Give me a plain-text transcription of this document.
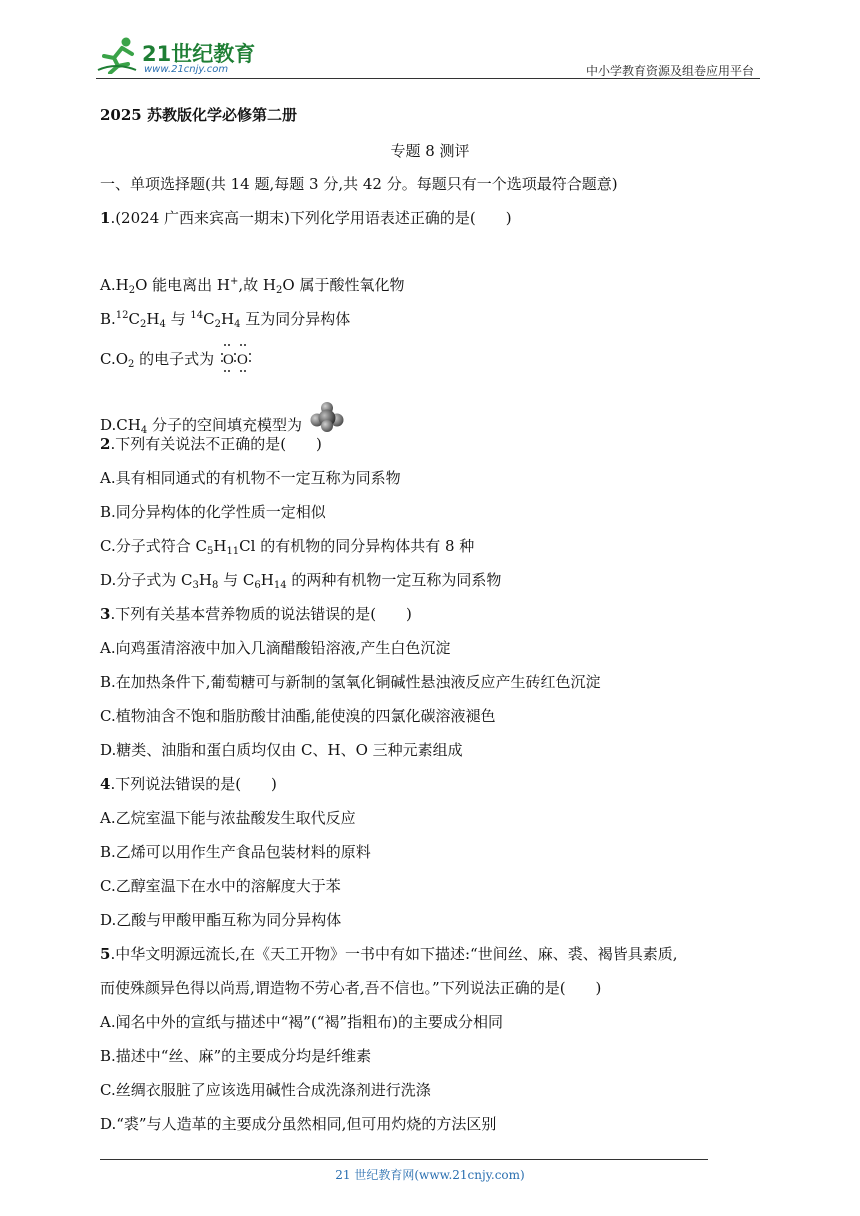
21世纪教育
www.21cnjy.com	中小学教育资源及组卷应用平台
2025 苏教版化学必修第二册
专题 8 测评
一、单项选择题(共 14 题,每题 3 分,共 42 分。每题只有一个选项最符合题意)
1.(2024 广西来宾高一期末)下列化学用语表述正确的是(　　)
$A.H_2O$ 能电离出 H+,故 $H_2O$ 属于酸性氧化物
$B.^{12}C_2H_4$ 与 $^{14}C_2H_4$ 互为同分异构体
$C.O_2$ 的电子式为 O O
$D.CH_4$ 分子的空间填充模型为
2.下列有关说法不正确的是(　　)
A.具有相同通式的有机物不一定互称为同系物
B.同分异构体的化学性质一定相似
C.分子式符合 $C_5H_{11}Cl$ 的有机物的同分异构体共有 8 种
D.分子式为 $C_3H_8$ 与 $C_6H_{14}$ 的两种有机物一定互称为同系物
3.下列有关基本营养物质的说法错误的是(　　)
A.向鸡蛋清溶液中加入几滴醋酸铅溶液,产生白色沉淀
B.在加热条件下,葡萄糖可与新制的氢氧化铜碱性悬浊液反应产生砖红色沉淀
C.植物油含不饱和脂肪酸甘油酯,能使溴的四氯化碳溶液褪色
D.糖类、油脂和蛋白质均仅由 C、H、O 三种元素组成
4.下列说法错误的是(　　)
A.乙烷室温下能与浓盐酸发生取代反应
B.乙烯可以用作生产食品包装材料的原料
C.乙醇室温下在水中的溶解度大于苯
D.乙酸与甲酸甲酯互称为同分异构体
5.中华文明源远流长,在《天工开物》一书中有如下描述:“世间丝、麻、裘、褐皆具素质,
而使殊颜异色得以尚焉,谓造物不劳心者,吾不信也。”下列说法正确的是(　　)
A.闻名中外的宣纸与描述中“褐”(“褐”指粗布)的主要成分相同
B.描述中“丝、麻”的主要成分均是纤维素
C.丝绸衣服脏了应该选用碱性合成洗涤剂进行洗涤
D.“裘”与人造革的主要成分虽然相同,但可用灼烧的方法区别
21 世纪教育网(www.21cnjy.com)
